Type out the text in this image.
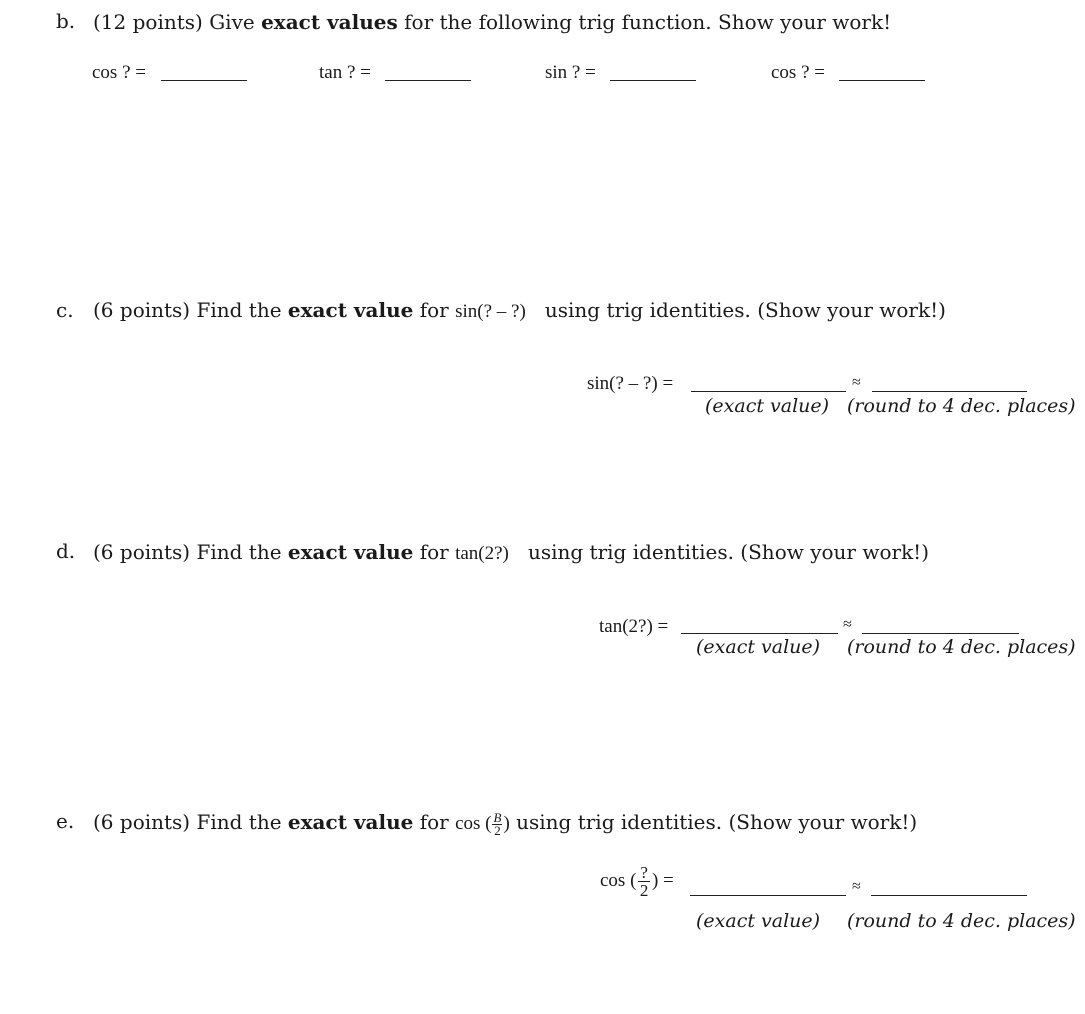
b. (12 points) Give exact values for the following trig function. Show your work!
cos ? =	tan ? =	sin ? =	cos ? =
c. (6 points) Find the exact value for sin(? – ?) using trig identities. (Show your work!)
sin(? – ?) =	≈
(exact value) (round to 4 dec. places)
d. (6 points) Find the exact value for tan(2?) using trig identities. (Show your work!)
tan(2?) =	≈
(exact value) (round to 4 dec. places)
e. (6 points) Find the exact value for cos ( $\frac{B}{2}$ ) using trig identities. (Show your work!)
cos ( ?
2 ) =	≈
(exact value) (round to 4 dec. places)
